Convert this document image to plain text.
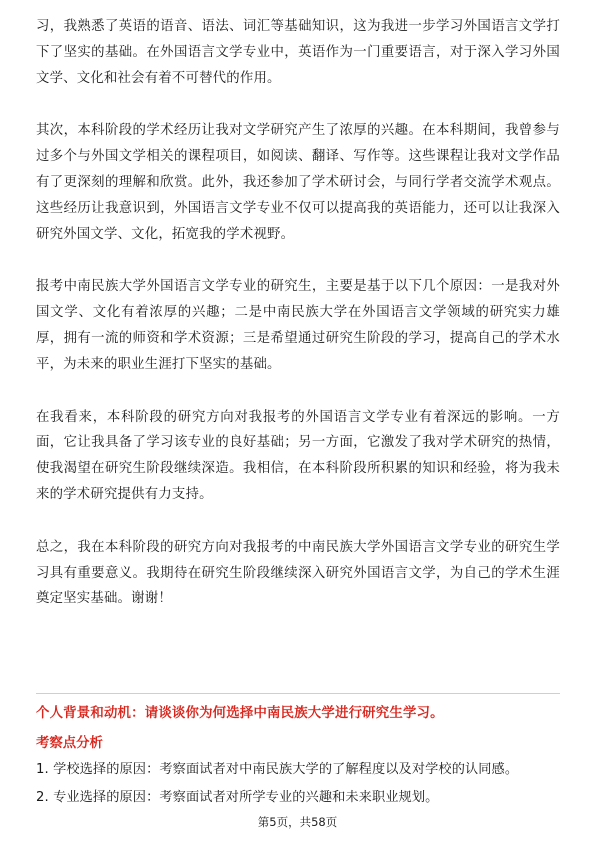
习，我熟悉了英语的语音、语法、词汇等基础知识，这为我进一步学习外国语言文学打下了坚实的基础。在外国语言文学专业中，英语作为一门重要语言，对于深入学习外国文学、文化和社会有着不可替代的作用。

其次，本科阶段的学术经历让我对文学研究产生了浓厚的兴趣。在本科期间，我曾参与过多个与外国文学相关的课程项目，如阅读、翻译、写作等。这些课程让我对文学作品有了更深刻的理解和欣赏。此外，我还参加了学术研讨会，与同行学者交流学术观点。这些经历让我意识到，外国语言文学专业不仅可以提高我的英语能力，还可以让我深入研究外国文学、文化，拓宽我的学术视野。

报考中南民族大学外国语言文学专业的研究生，主要是基于以下几个原因：一是我对外国文学、文化有着浓厚的兴趣；二是中南民族大学在外国语言文学领域的研究实力雄厚，拥有一流的师资和学术资源；三是希望通过研究生阶段的学习，提高自己的学术水平，为未来的职业生涯打下坚实的基础。

在我看来，本科阶段的研究方向对我报考的外国语言文学专业有着深远的影响。一方面，它让我具备了学习该专业的良好基础；另一方面，它激发了我对学术研究的热情，使我渴望在研究生阶段继续深造。我相信，在本科阶段所积累的知识和经验，将为我未来的学术研究提供有力支持。

总之，我在本科阶段的研究方向对我报考的中南民族大学外国语言文学专业的研究生学习具有重要意义。我期待在研究生阶段继续深入研究外国语言文学，为自己的学术生涯奠定坚实基础。谢谢！

个人背景和动机：请谈谈你为何选择中南民族大学进行研究生学习。
考察点分析
1. 学校选择的原因：考察面试者对中南民族大学的了解程度以及对学校的认同感。
2. 专业选择的原因：考察面试者对所学专业的兴趣和未来职业规划。
第5页，共58页
